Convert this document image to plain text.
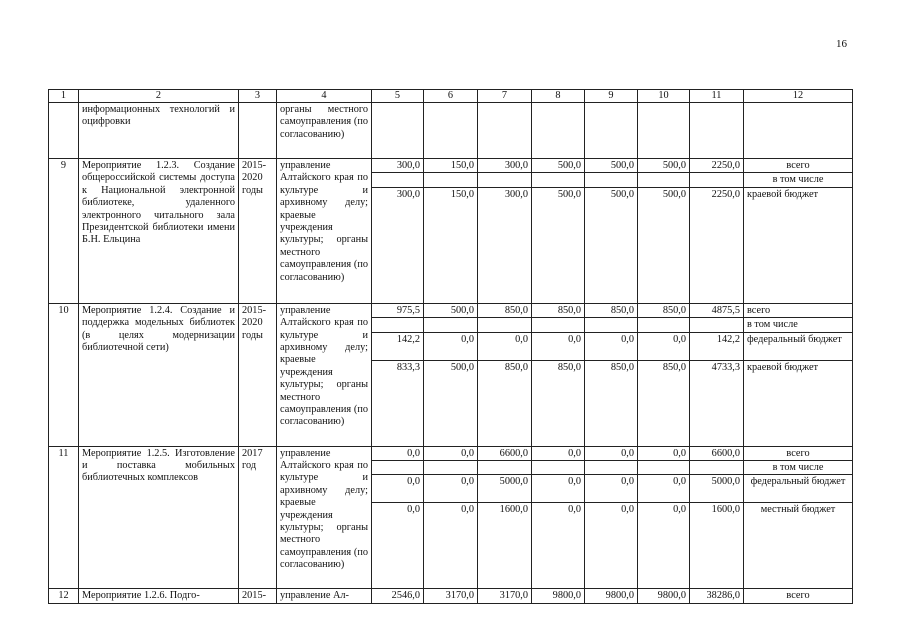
16
1	2	3	4	5	6	7	8	9	10	11	12
	информационных технологий и оцифровки		органы местного самоуправления (по согласованию)								
9	Мероприятие 1.2.3. Создание общероссийской системы доступа к Национальной электронной библиотеке, удаленного электронного читального зала Президентской библиотеки имени Б.Н. Ельцина	2015-2020 годы	управление Алтайского края по культуре и архивному делу; краевые учреждения культуры; органы местного самоуправления (по согласованию)	300,0	150,0	300,0	500,0	500,0	500,0	2250,0	всего
											в том числе
				300,0	150,0	300,0	500,0	500,0	500,0	2250,0	краевой бюджет
10	Мероприятие 1.2.4. Создание и поддержка модельных библиотек (в целях модернизации библиотечной сети)	2015-2020 годы	управление Алтайского края по культуре и архивному делу; краевые учреждения культуры; органы местного самоуправления (по согласованию)	975,5	500,0	850,0	850,0	850,0	850,0	4875,5	всего
											в том числе
				142,2	0,0	0,0	0,0	0,0	0,0	142,2	федеральный бюджет
				833,3	500,0	850,0	850,0	850,0	850,0	4733,3	краевой бюджет
11	Мероприятие 1.2.5. Изготовление и поставка мобильных библиотечных комплексов	2017 год	управление Алтайского края по культуре и архивному делу; краевые учреждения культуры; органы местного самоуправления (по согласованию)	0,0	0,0	6600,0	0,0	0,0	0,0	6600,0	всего
											в том числе
				0,0	0,0	5000,0	0,0	0,0	0,0	5000,0	федеральный бюджет
				0,0	0,0	1600,0	0,0	0,0	0,0	1600,0	местный бюджет
12	Мероприятие 1.2.6. Подго-	2015-	управление Ал-	2546,0	3170,0	3170,0	9800,0	9800,0	9800,0	38286,0	всего
